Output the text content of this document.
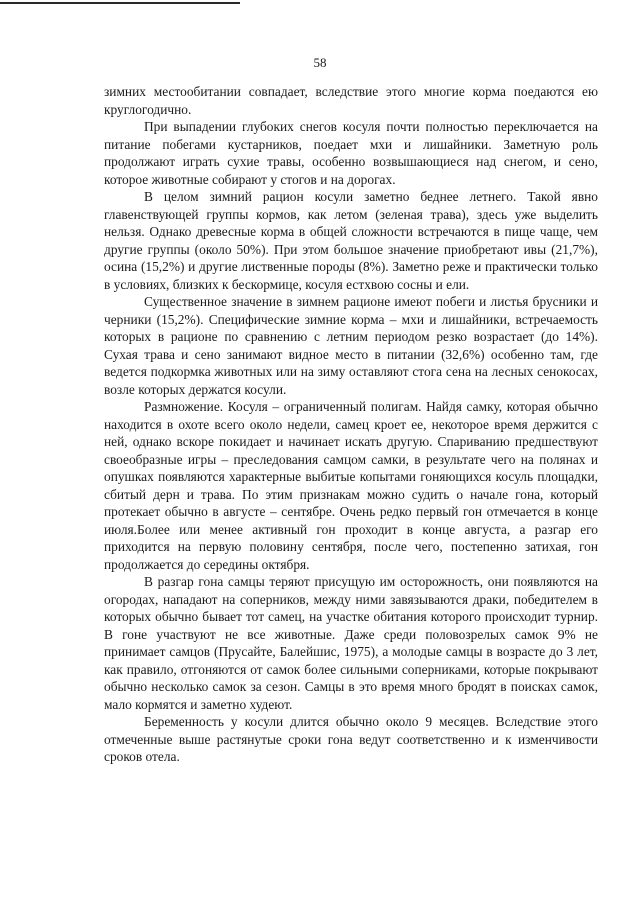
58

зимних местообитании совпадает, вследствие этого многие корма поедаются ею круглогодично.

При выпадении глубоких снегов косуля почти полностью переключается на питание побегами кустарников, поедает мхи и лишайники. Заметную роль продолжают играть сухие травы, особенно возвышающиеся над снегом, и сено, которое животные собирают у стогов и на дорогах.

В целом зимний рацион косули заметно беднее летнего. Такой явно главенствующей группы кормов, как летом (зеленая трава), здесь уже выделить нельзя. Однако древесные корма в общей сложности встречаются в пище чаще, чем другие группы (около 50%). При этом большое значение приобретают ивы (21,7%), осина (15,2%) и другие лиственные породы (8%). Заметно реже и практически только в условиях, близких к бескормице, косуля естхвою сосны и ели.

Существенное значение в зимнем рационе имеют побеги и листья брусники и черники (15,2%). Специфические зимние корма – мхи и лишайники, встречаемость которых в рационе по сравнению с летним периодом резко возрастает (до 14%). Сухая трава и сено занимают видное место в питании (32,6%) особенно там, где ведется подкормка животных или на зиму оставляют стога сена на лесных сенокосах, возле которых держатся косули.

Размножение. Косуля – ограниченный полигам. Найдя самку, которая обычно находится в охоте всего около недели, самец кроет ее, некоторое время держится с ней, однако вскоре покидает и начинает искать другую. Спариванию предшествуют своеобразные игры – преследования самцом самки, в результате чего на полянах и опушках появляются характерные выбитые копытами гоняющихся косуль площадки, сбитый дерн и трава. По этим признакам можно судить о начале гона, который протекает обычно в августе – сентябре. Очень редко первый гон отмечается в конце июля.Более или менее активный гон проходит в конце августа, а разгар его приходится на первую половину сентября, после чего, постепенно затихая, гон продолжается до середины октября.

В разгар гона самцы теряют присущую им осторожность, они появляются на огородах, нападают на соперников, между ними завязываются драки, победителем в которых обычно бывает тот самец, на участке обитания которого происходит турнир. В гоне участвуют не все животные. Даже среди половозрелых самок 9% не принимает самцов (Прусайте, Балейшис, 1975), а молодые самцы в возрасте до 3 лет, как правило, отгоняются от самок более сильными соперниками, которые покрывают обычно несколько самок за сезон. Самцы в это время много бродят в поисках самок, мало кормятся и заметно худеют.

Беременность у косули длится обычно около 9 месяцев. Вследствие этого отмеченные выше растянутые сроки гона ведут соответственно и к изменчивости сроков отела.
